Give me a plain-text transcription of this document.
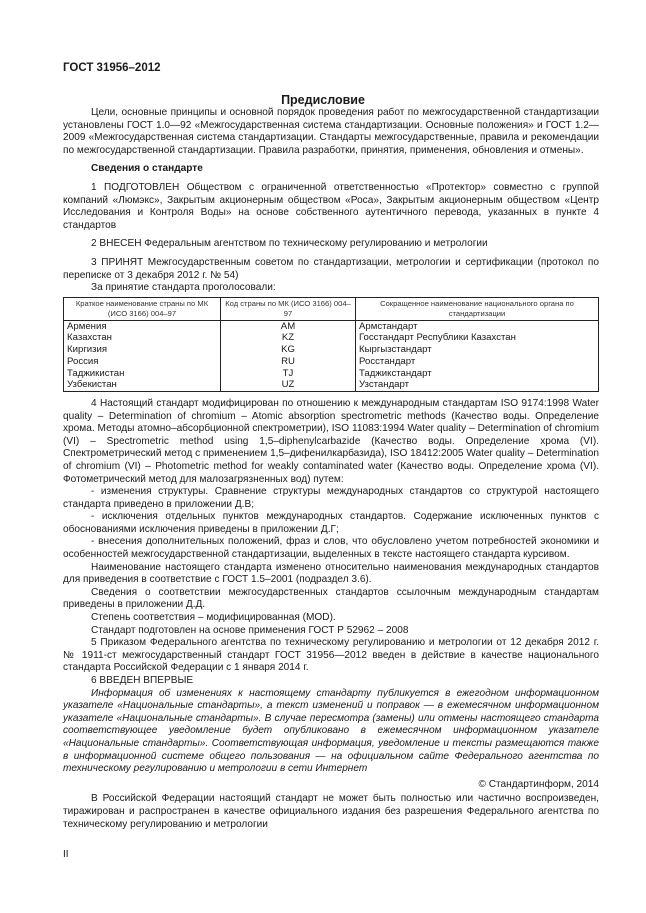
ГОСТ 31956–2012
Предисловие

Цели, основные принципы и основной порядок проведения работ по межгосударственной стандартизации установлены ГОСТ 1.0—92 «Межгосударственная система стандартизации. Основные положения» и ГОСТ 1.2—2009 «Межгосударственная система стандартизации. Стандарты межгосударственные, правила и рекомендации по межгосударственной стандартизации. Правила разработки, принятия, применения, обновления и отмены».

Сведения о стандарте

1 ПОДГОТОВЛЕН Обществом с ограниченной ответственностью «Протектор» совместно с группой компаний «Люмэкс», Закрытым акционерным обществом «Роса», Закрытым акционерным обществом «Центр Исследования и Контроля Воды» на основе собственного аутентичного перевода, указанных в пункте 4 стандартов

2 ВНЕСЕН Федеральным агентством по техническому регулированию и метрологии

3 ПРИНЯТ Межгосударственным советом по стандартизации, метрологии и сертификации (протокол по переписке от 3 декабря 2012 г. № 54)

За принятие стандарта проголосовали:

Краткое наименование страны по МК (ИСО 3166) 004–97	Код страны по МК (ИСО 3166) 004– 97	Сокращенное наименование национального органа по стандартизации
Армения	AM	Армстандарт
Казахстан	KZ	Госстандарт Республики Казахстан
Киргизия	KG	Кыргызстандарт
Россия	RU	Росстандарт
Таджикистан	TJ	Таджикстандарт
Узбекистан	UZ	Узстандарт

4 Настоящий стандарт модифицирован по отношению к международным стандартам ISO 9174:1998 Water quality – Determination of chromium – Atomic absorption spectrometric methods (Качество воды. Определение хрома. Методы атомно–абсорбционной спектрометрии), ISO 11083:1994 Water quality – Determination of chromium (VI) – Spectrometric method using 1,5–diphenylcarbazide (Качество воды. Определение хрома (VI). Спектрометрический метод с применением 1,5–дифенилкарбазида), ISO 18412:2005 Water quality – Determination of chromium (VI) – Photometric method for weakly contaminated water (Качество воды. Определение хрома (VI). Фотометрический метод для малозагрязненных вод) путем:

- изменения структуры. Сравнение структуры международных стандартов со структурой настоящего стандарта приведено в приложении Д.В;

- исключения отдельных пунктов международных стандартов. Содержание исключенных пунктов с обоснованиями исключения приведены в приложении Д.Г;

- внесения дополнительных положений, фраз и слов, что обусловлено учетом потребностей экономики и особенностей межгосударственной стандартизации, выделенных в тексте настоящего стандарта курсивом.

Наименование настоящего стандарта изменено относительно наименования международных стандартов для приведения в соответствие с ГОСТ 1.5–2001 (подраздел 3.6).

Сведения о соответствии межгосударственных стандартов ссылочным международным стандартам приведены в приложении Д.Д.

Степень соответствия – модифицированная (MOD).

Стандарт подготовлен на основе применения ГОСТ Р 52962 – 2008

5 Приказом Федерального агентства по техническому регулированию и метрологии от 12 декабря 2012 г. № 1911-ст межгосударственный стандарт ГОСТ 31956—2012 введен в действие в качестве национального стандарта Российской Федерации с 1 января 2014 г.

6 ВВЕДЕН ВПЕРВЫЕ

Информация об изменениях к настоящему стандарту публикуется в ежегодном информационном указателе «Национальные стандарты», а текст изменений и поправок — в ежемесячном информационном указателе «Национальные стандарты». В случае пересмотра (замены) или отмены настоящего стандарта соответствующее уведомление будет опубликовано в ежемесячном информационном указателе «Национальные стандарты». Соответствующая информация, уведомление и тексты размещаются также в информационной системе общего пользования — на официальном сайте Федерального агентства по техническому регулированию и метрологии в сети Интернет

© Стандартинформ, 2014

В Российской Федерации настоящий стандарт не может быть полностью или частично воспроизведен, тиражирован и распространен в качестве официального издания без разрешения Федерального агентства по техническому регулированию и метрологии

II
